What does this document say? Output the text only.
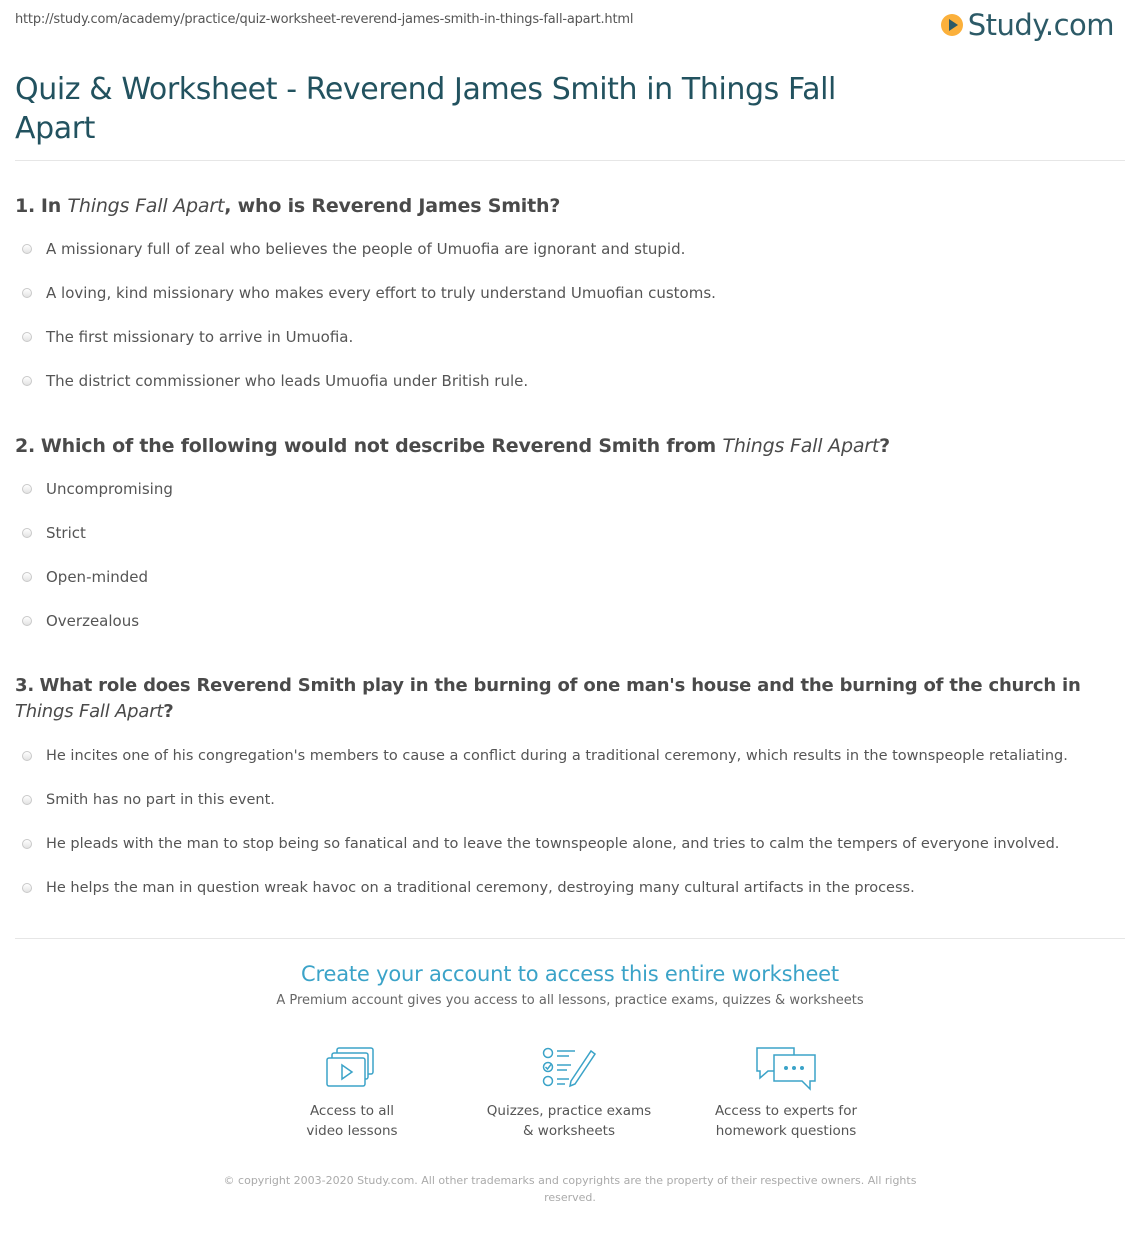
http://study.com/academy/practice/quiz-worksheet-reverend-james-smith-in-things-fall-apart.html	Study.com
Quiz & Worksheet - Reverend James Smith in Things Fall Apart
1. In Things Fall Apart, who is Reverend James Smith?
A missionary full of zeal who believes the people of Umuofia are ignorant and stupid.
A loving, kind missionary who makes every effort to truly understand Umuofian customs.
The first missionary to arrive in Umuofia.
The district commissioner who leads Umuofia under British rule.
2. Which of the following would not describe Reverend Smith from Things Fall Apart?
Uncompromising
Strict
Open-minded
Overzealous
3. What role does Reverend Smith play in the burning of one man's house and the burning of the church in Things Fall Apart?
He incites one of his congregation's members to cause a conflict during a traditional ceremony, which results in the townspeople retaliating.
Smith has no part in this event.
He pleads with the man to stop being so fanatical and to leave the townspeople alone, and tries to calm the tempers of everyone involved.
He helps the man in question wreak havoc on a traditional ceremony, destroying many cultural artifacts in the process.
Create your account to access this entire worksheet
A Premium account gives you access to all lessons, practice exams, quizzes & worksheets
Access to all
video lessons
Quizzes, practice exams
& worksheets
Access to experts for
homework questions
© copyright 2003-2020 Study.com. All other trademarks and copyrights are the property of their respective owners. All rights reserved.
